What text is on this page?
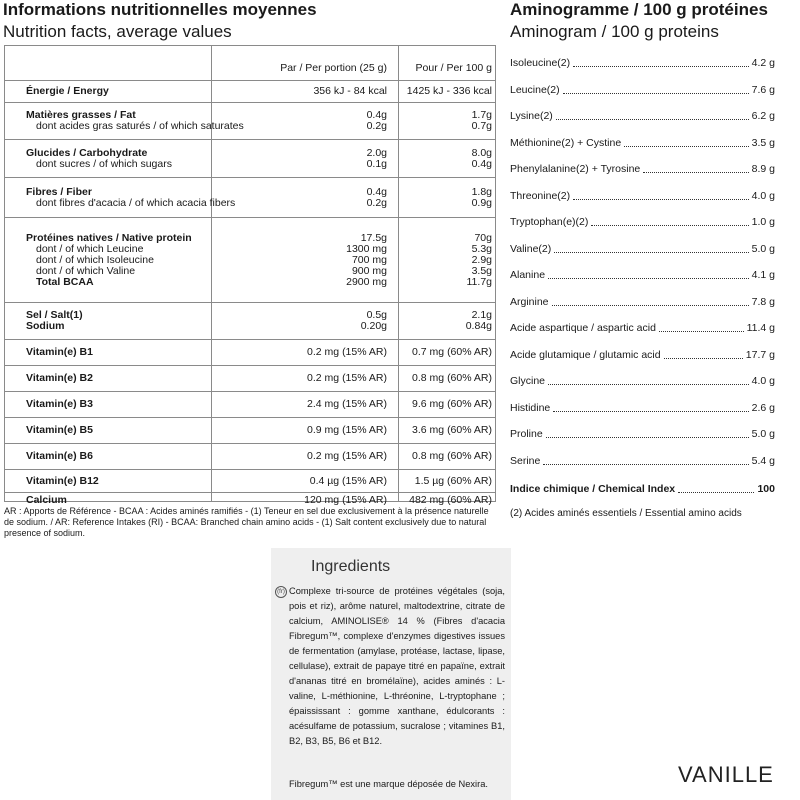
Informations nutritionnelles moyennes
Nutrition facts, average values
Aminogramme / 100 g protéines
Aminogram / 100 g proteins
Par / Per portion (25 g)	Pour / Per 100 g
Énergie / Energy	356 kJ - 84 kcal	1425 kJ - 336 kcal
Matières grasses / Fat	0.4g	1.7g
dont acides gras saturés / of which saturates	0.2g	0.7g
Glucides / Carbohydrate	2.0g	8.0g
dont sucres / of which sugars	0.1g	0.4g
Fibres / Fiber	0.4g	1.8g
dont fibres d'acacia / of which acacia fibers	0.2g	0.9g
Protéines natives / Native protein	17.5g	70g
dont / of which Leucine	1300 mg	5.3g
dont / of which Isoleucine	700 mg	2.9g
dont / of which Valine	900 mg	3.5g
Total BCAA	2900 mg	11.7g
Sel / Salt(1)	0.5g	2.1g
Sodium	0.20g	0.84g
Vitamin(e) B1	0.2 mg (15% AR)	0.7 mg (60% AR)
Vitamin(e) B2	0.2 mg (15% AR)	0.8 mg (60% AR)
Vitamin(e) B3	2.4 mg (15% AR)	9.6 mg (60% AR)
Vitamin(e) B5	0.9 mg (15% AR)	3.6 mg (60% AR)
Vitamin(e) B6	0.2 mg (15% AR)	0.8 mg (60% AR)
Vitamin(e) B12	0.4 µg (15% AR)	1.5 µg (60% AR)
Calcium	120 mg (15% AR)	482 mg (60% AR)
AR : Apports de Référence - BCAA : Acides aminés ramifiés - (1) Teneur en sel due exclusivement à la présence naturelle de sodium. / AR: Reference Intakes (RI) - BCAA: Branched chain amino acids - (1) Salt content exclusively due to natural presence of sodium.
Ingredients
(fr) Complexe tri-source de protéines végétales (soja, pois et riz), arôme naturel, maltodextrine, citrate de calcium, AMINOLISE® 14 % (Fibres d'acacia Fibregum™, complexe d'enzymes digestives issues de fermentation (amylase, protéase, lactase, lipase, cellulase), extrait de papaye titré en papaïne, extrait d'ananas titré en bromélaïne), acides aminés : L-valine, L-méthionine, L-thréonine, L-tryptophane ; épaississant : gomme xanthane, édulcorants : acésulfame de potassium, sucralose ; vitamines B1, B2, B3, B5, B6 et B12.
Fibregum™ est une marque déposée de Nexira.
Isoleucine(2)	4.2 g
Leucine(2)	7.6 g
Lysine(2)	6.2 g
Méthionine(2) + Cystine	3.5 g
Phenylalanine(2) + Tyrosine	8.9 g
Threonine(2)	4.0 g
Tryptophan(e)(2)	1.0 g
Valine(2)	5.0 g
Alanine	4.1 g
Arginine	7.8 g
Acide aspartique / aspartic acid	11.4 g
Acide glutamique / glutamic acid	17.7 g
Glycine	4.0 g
Histidine	2.6 g
Proline	5.0 g
Serine	5.4 g
Indice chimique / Chemical Index	100
(2) Acides aminés essentiels / Essential amino acids
VANILLE
